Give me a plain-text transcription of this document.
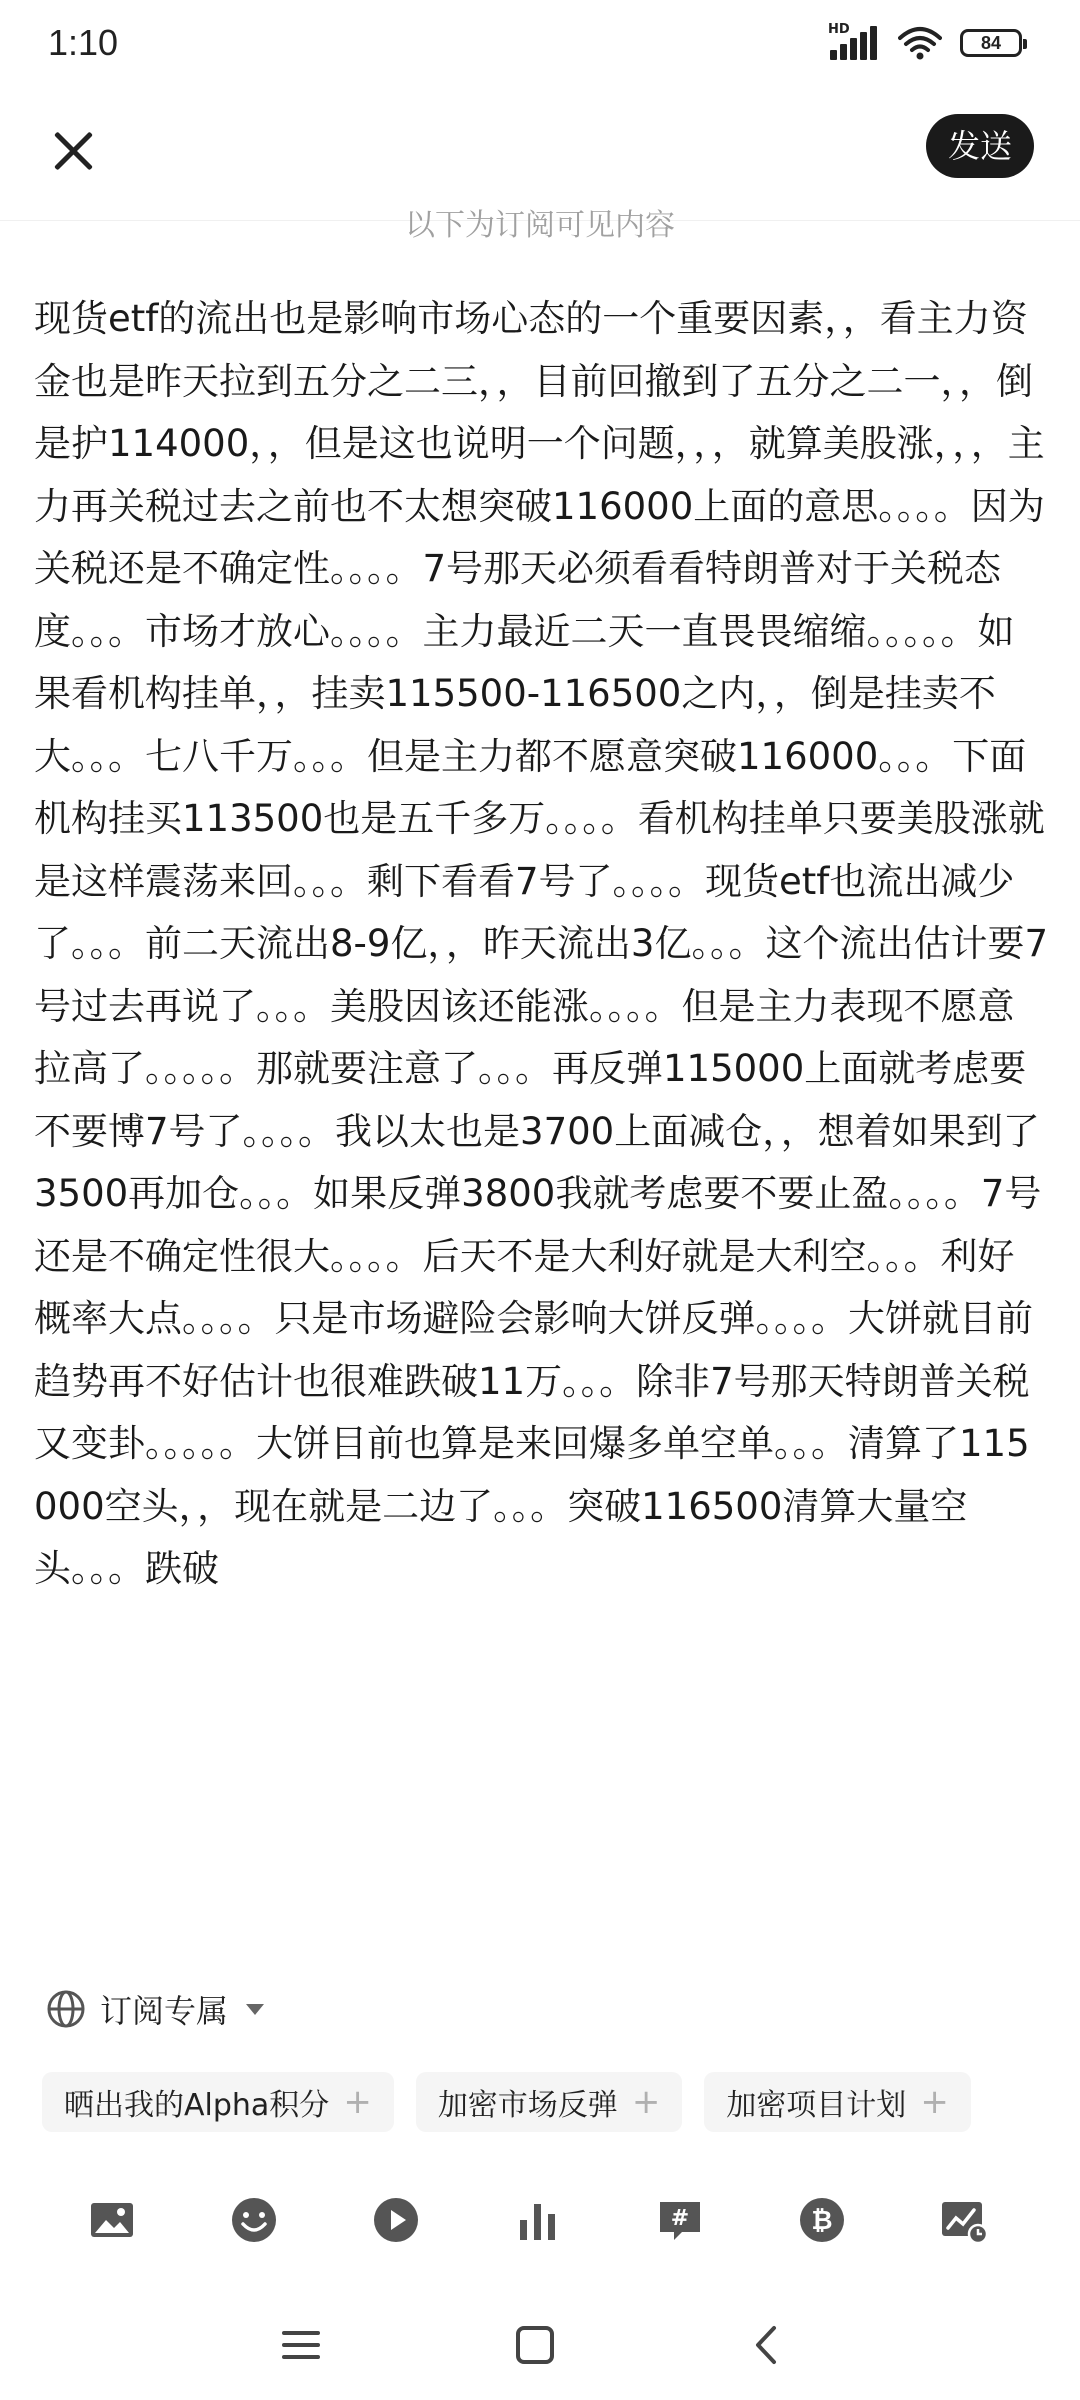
1:10	HD
84
发送
以下为订阅可见内容
现货etf的流出也是影响市场心态的一个重要因素，，看主力资金也是昨天拉到五分之二三，，目前回撤到了五分之二一，，倒是护114000，，但是这也说明一个问题，，，就算美股涨，，，主力再关税过去之前也不太想突破116000上面的意思。。。。因为关税还是不确定性。。。。7号那天必须看看特朗普对于关税态度。。。市场才放心。。。。主力最近二天一直畏畏缩缩。。。。。如果看机构挂单，，挂卖115500-116500之内，，倒是挂卖不大。。。七八千万。。。但是主力都不愿意突破116000。。。下面机构挂买113500也是五千多万。。。。看机构挂单只要美股涨就是这样震荡来回。。。剩下看看7号了。。。。现货etf也流出减少了。。。前二天流出8-9亿，，昨天流出3亿。。。这个流出估计要7号过去再说了。。。美股因该还能涨。。。。但是主力表现不愿意拉高了。。。。。那就要注意了。。。再反弹115000上面就考虑要不要博7号了。。。。我以太也是3700上面减仓，，想着如果到了3500再加仓。。。如果反弹3800我就考虑要不要止盈。。。。7号还是不确定性很大。。。。后天不是大利好就是大利空。。。利好概率大点。。。。只是市场避险会影响大饼反弹。。。。大饼就目前趋势再不好估计也很难跌破11万。。。除非7号那天特朗普关税又变卦。。。。。大饼目前也算是来回爆多单空单。。。清算了115000空头，，现在就是二边了。。。突破116500清算大量空头。。。跌破
订阅专属
晒出我的Alpha积分 + 加密市场反弹 + 加密项目计划 +
#	₿
